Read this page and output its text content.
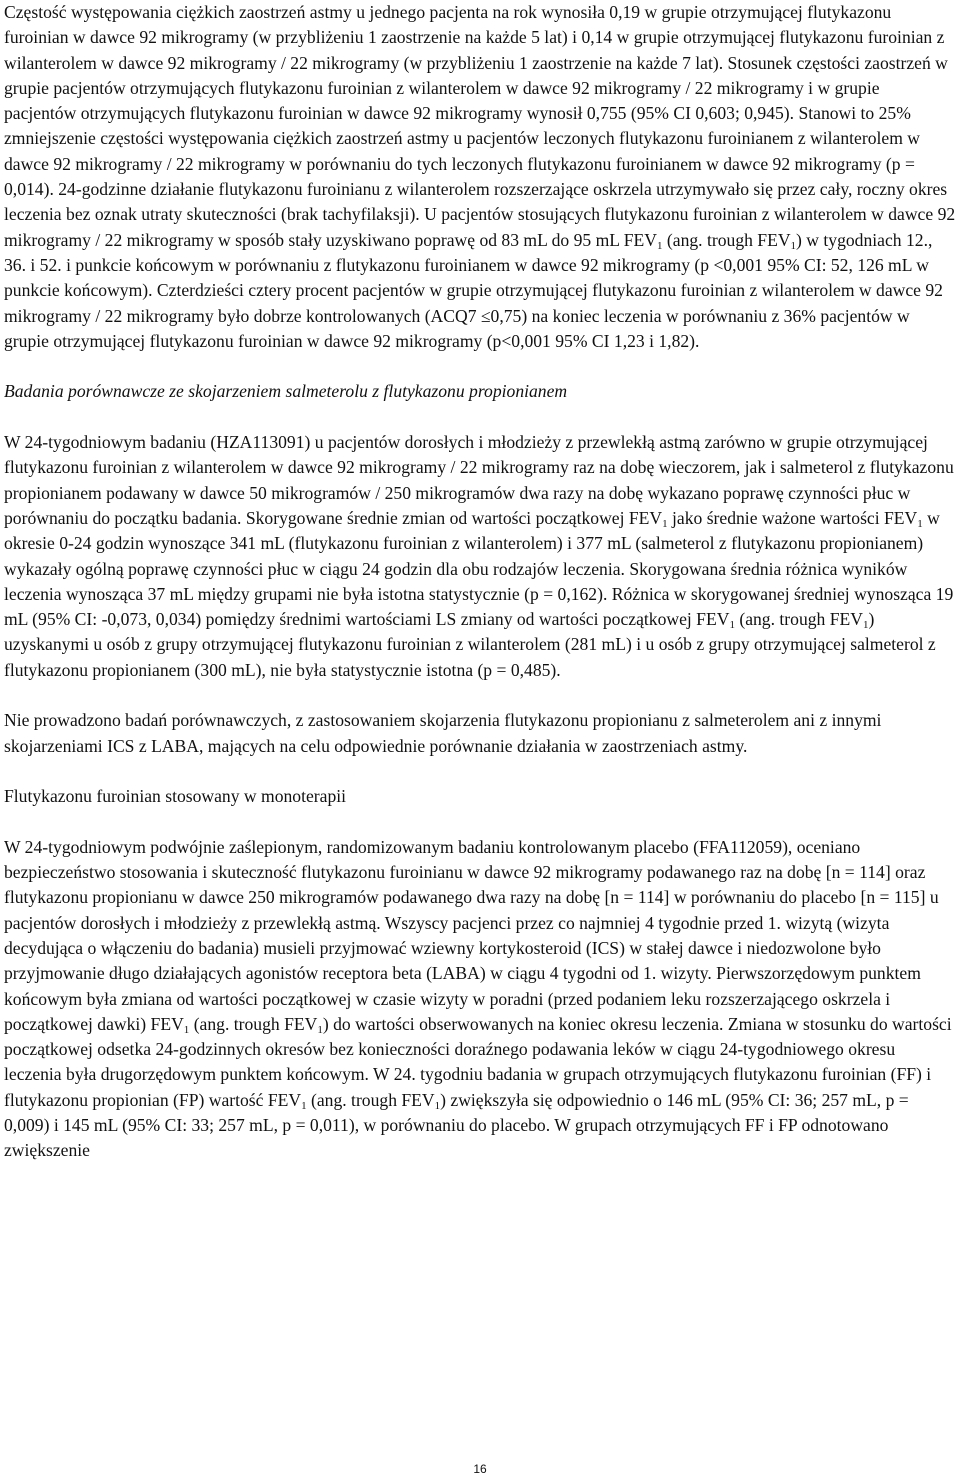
Częstość występowania ciężkich zaostrzeń astmy u jednego pacjenta na rok wynosiła 0,19 w grupie otrzymującej flutykazonu furoinian w dawce 92 mikrogramy (w przybliżeniu 1 zaostrzenie na każde 5 lat) i 0,14 w grupie otrzymującej flutykazonu furoinian z wilanterolem w dawce 92 mikrogramy / 22 mikrogramy (w przybliżeniu 1 zaostrzenie na każde 7 lat). Stosunek częstości zaostrzeń w grupie pacjentów otrzymujących flutykazonu furoinian z wilanterolem w dawce 92 mikrogramy / 22 mikrogramy i w grupie pacjentów otrzymujących flutykazonu furoinian w dawce 92 mikrogramy wynosił 0,755 (95% CI 0,603; 0,945). Stanowi to 25% zmniejszenie częstości występowania ciężkich zaostrzeń astmy u pacjentów leczonych flutykazonu furoinianem z wilanterolem w dawce 92 mikrogramy / 22 mikrogramy w porównaniu do tych leczonych flutykazonu furoinianem w dawce 92 mikrogramy (p = 0,014). 24-godzinne działanie flutykazonu furoinianu z wilanterolem rozszerzające oskrzela utrzymywało się przez cały, roczny okres leczenia bez oznak utraty skuteczności (brak tachyfilaksji). U pacjentów stosujących flutykazonu furoinian z wilanterolem w dawce 92 mikrogramy / 22 mikrogramy w sposób stały uzyskiwano poprawę od 83 mL do 95 mL $FEV_1$ (ang. trough $FEV_1$) w tygodniach 12., 36. i 52. i punkcie końcowym w porównaniu z flutykazonu furoinianem w dawce 92 mikrogramy (p <0,001 95% CI: 52, 126 mL w punkcie końcowym). Czterdzieści cztery procent pacjentów w grupie otrzymującej flutykazonu furoinian z wilanterolem w dawce 92 mikrogramy / 22 mikrogramy było dobrze kontrolowanych (ACQ7 ≤0,75) na koniec leczenia w porównaniu z 36% pacjentów w grupie otrzymującej flutykazonu furoinian w dawce 92 mikrogramy (p<0,001 95% CI 1,23 i 1,82).

Badania porównawcze ze skojarzeniem salmeterolu z flutykazonu propionianem

W 24-tygodniowym badaniu (HZA113091) u pacjentów dorosłych i młodzieży z przewlekłą astmą zarówno w grupie otrzymującej flutykazonu furoinian z wilanterolem w dawce 92 mikrogramy / 22 mikrogramy raz na dobę wieczorem, jak i salmeterol z flutykazonu propionianem podawany w dawce 50 mikrogramów / 250 mikrogramów dwa razy na dobę wykazano poprawę czynności płuc w porównaniu do początku badania. Skorygowane średnie zmian od wartości początkowej $FEV_1$ jako średnie ważone wartości $FEV_1$ w okresie 0-24 godzin wynoszące 341 mL (flutykazonu furoinian z wilanterolem) i 377 mL (salmeterol z flutykazonu propionianem) wykazały ogólną poprawę czynności płuc w ciągu 24 godzin dla obu rodzajów leczenia. Skorygowana średnia różnica wyników leczenia wynosząca 37 mL między grupami nie była istotna statystycznie (p = 0,162). Różnica w skorygowanej średniej wynosząca 19 mL (95% CI: -0,073, 0,034) pomiędzy średnimi wartościami LS zmiany od wartości początkowej $FEV_1$ (ang. trough $FEV_1$) uzyskanymi u osób z grupy otrzymującej flutykazonu furoinian z wilanterolem (281 mL) i u osób z grupy otrzymującej salmeterol z flutykazonu propionianem (300 mL), nie była statystycznie istotna (p = 0,485).

Nie prowadzono badań porównawczych, z zastosowaniem skojarzenia flutykazonu propionianu z salmeterolem ani z innymi skojarzeniami ICS z LABA, mających na celu odpowiednie porównanie działania w zaostrzeniach astmy.

Flutykazonu furoinian stosowany w monoterapii

W 24-tygodniowym podwójnie zaślepionym, randomizowanym badaniu kontrolowanym placebo (FFA112059), oceniano bezpieczeństwo stosowania i skuteczność flutykazonu furoinianu w dawce 92 mikrogramy podawanego raz na dobę [n = 114] oraz flutykazonu propionianu w dawce 250 mikrogramów podawanego dwa razy na dobę [n = 114] w porównaniu do placebo [n = 115] u pacjentów dorosłych i młodzieży z przewlekłą astmą. Wszyscy pacjenci przez co najmniej 4 tygodnie przed 1. wizytą (wizyta decydująca o włączeniu do badania) musieli przyjmować wziewny kortykosteroid (ICS) w stałej dawce i niedozwolone było przyjmowanie długo działających agonistów receptora beta (LABA) w ciągu 4 tygodni od 1. wizyty. Pierwszorzędowym punktem końcowym była zmiana od wartości początkowej w czasie wizyty w poradni (przed podaniem leku rozszerzającego oskrzela i początkowej dawki) $FEV_1$ (ang. trough $FEV_1$) do wartości obserwowanych na koniec okresu leczenia. Zmiana w stosunku do wartości początkowej odsetka 24-godzinnych okresów bez konieczności doraźnego podawania leków w ciągu 24-tygodniowego okresu leczenia była drugorzędowym punktem końcowym. W 24. tygodniu badania w grupach otrzymujących flutykazonu furoinian (FF) i flutykazonu propionian (FP) wartość $FEV_1$ (ang. trough $FEV_1$) zwiększyła się odpowiednio o 146 mL (95% CI: 36; 257 mL, p = 0,009) i 145 mL (95% CI: 33; 257 mL, p = 0,011), w porównaniu do placebo. W grupach otrzymujących FF i FP odnotowano zwiększenie

16
